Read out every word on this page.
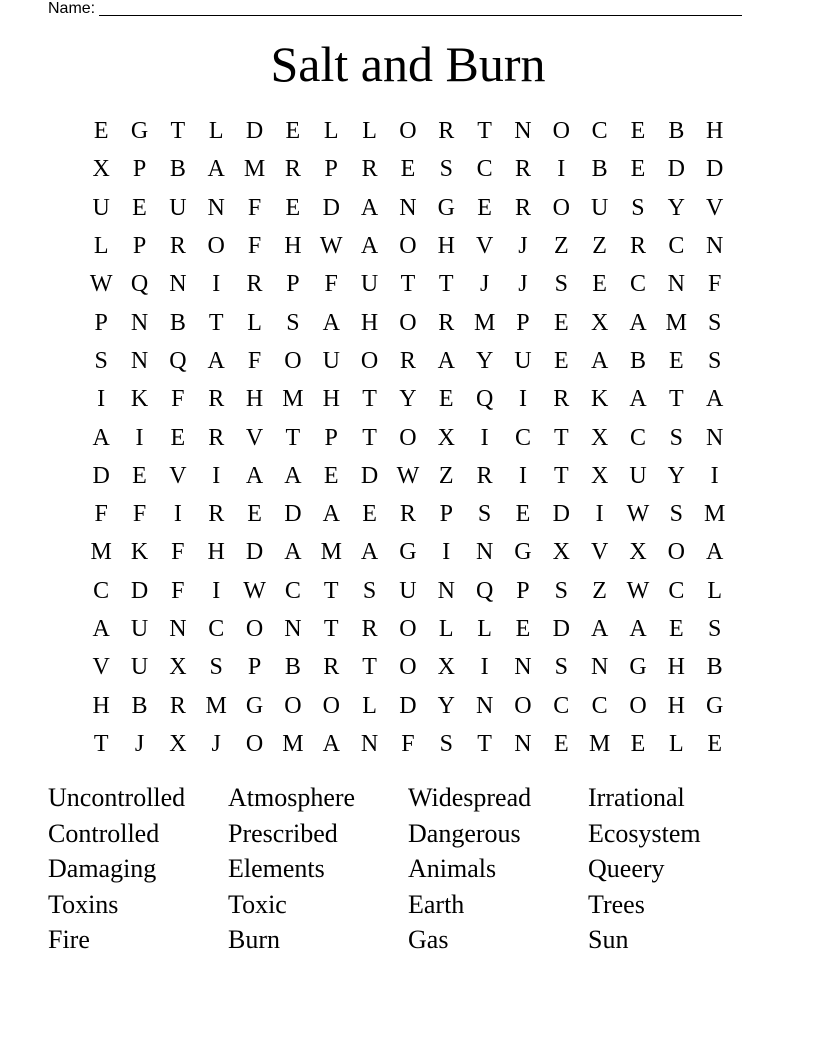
Name:
Salt and Burn
E G T L D E L L O R T N O C E B H
X P B A M R P R E	S C R	I	B E D D
U E U N F	E D A N G E R O U S Y V
L	P R O F H W A O H V	J	Z Z R C N
W Q N	I	R P	F U T T	J	J	S	E C N F
P N B T L	S A H O R M P	E X A M S
S N Q A F O U O R A Y U E A B E	S
I	K F R H M H T Y E Q	I	R K A T A
A	I	E R V T	P	T O X	I	C T X C S N
D E V	I	A A E D W Z R	I	T X U Y	I
F	F	I	R E D A E R P	S	E D	I W S M
M K F H D A M A G	I	N G X V X O A
C D F	I W C T	S U N Q P	S	Z W C L
A U N C O N T R O L L E D A A E	S
V U X S	P B R T O X	I	N S N G H B
H B R M G O O L D Y N O C C O H G
T	J	X	J	O M A N F	S	T N E M E L E
Uncontrolled	Atmosphere	Widespread	Irrational
Controlled	Prescribed	Dangerous	Ecosystem
Damaging	Elements	Animals	Queery
Toxins	Toxic	Earth	Trees
Fire	Burn	Gas	Sun
